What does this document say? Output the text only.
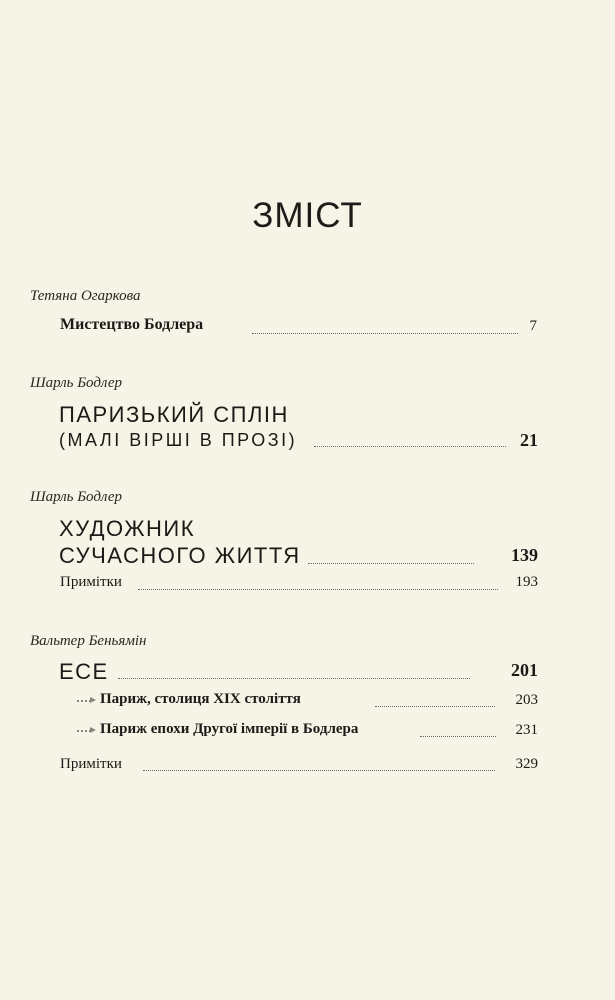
ЗМІСТ
Тетяна Огаркова
Мистецтво Бодлера	7
Шарль Бодлер
ПАРИЗЬКИЙ СПЛІН
(МАЛІ ВІРШІ В ПРОЗІ)	21
Шарль Бодлер
ХУДОЖНИК
СУЧАСНОГО ЖИТТЯ	139
Примітки	193
Вальтер Беньямін
ЕСЕ	201
Париж, столиця XIX століття	203
Париж епохи Другої імперії в Бодлера	231
Примітки	329
